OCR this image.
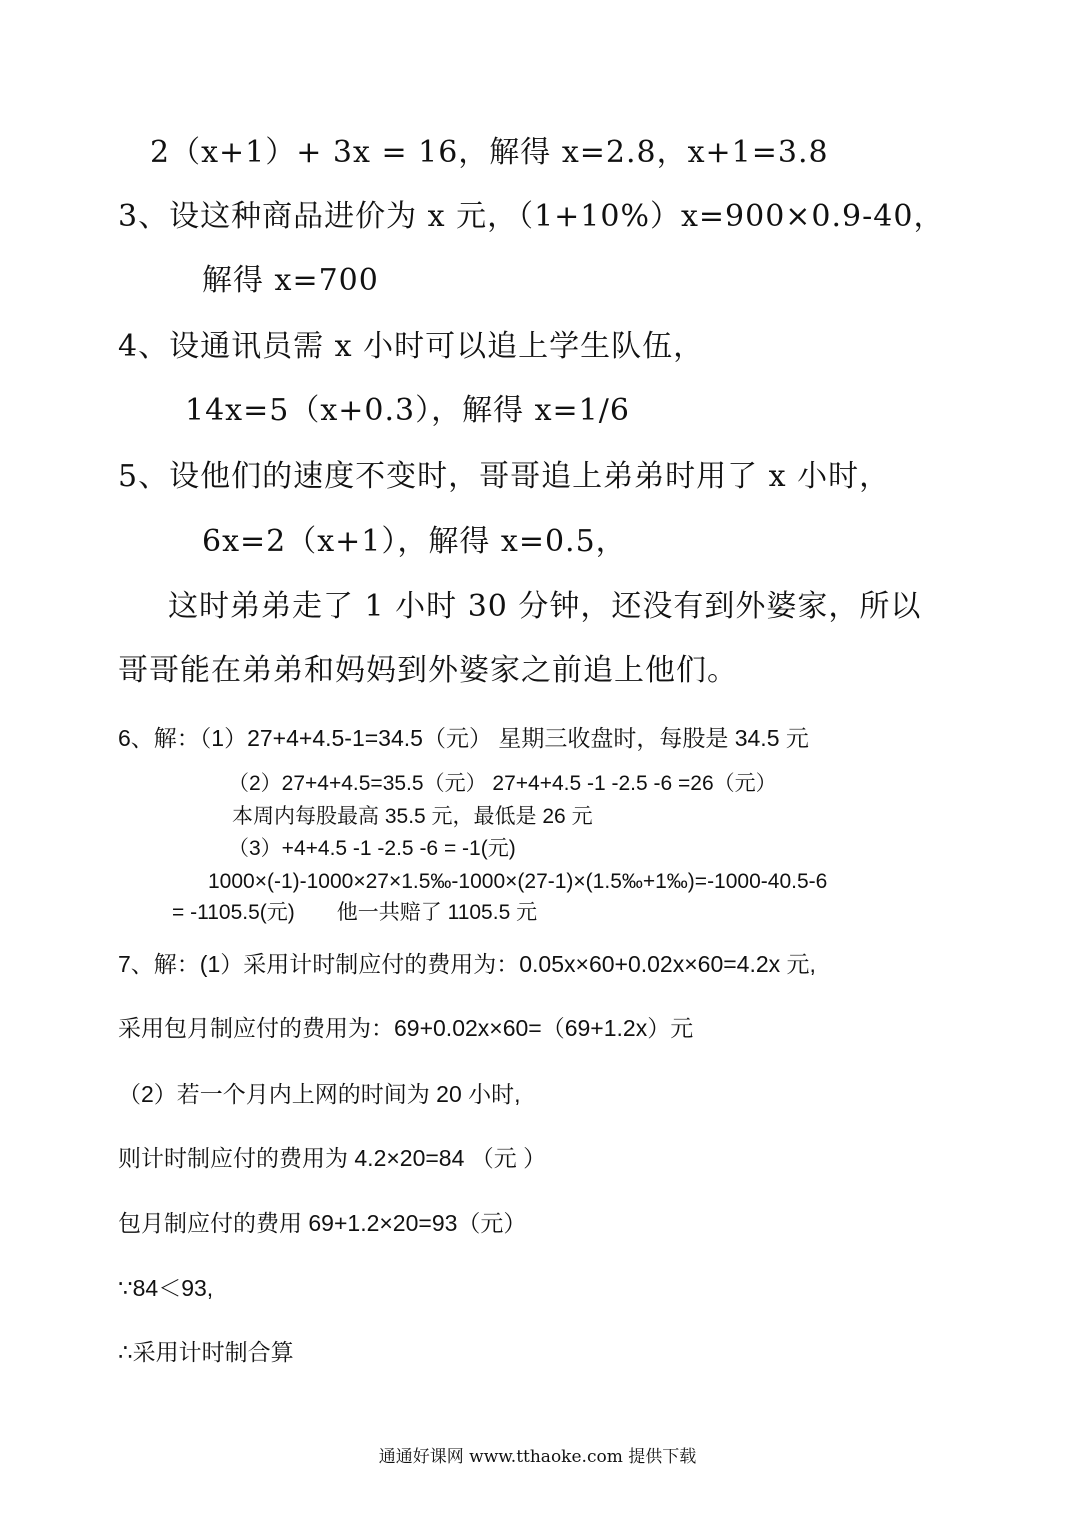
2（x+1）+ 3x = 16，解得 x=2.8，x+1=3.8

3、设这种商品进价为 x 元，（1+10%）x=900×0.9-40，

解得 x=700

4、设通讯员需 x 小时可以追上学生队伍，

14x=5（x+0.3），解得 x=1/6

5、设他们的速度不变时，哥哥追上弟弟时用了 x 小时，

6x=2（x+1），解得 x=0.5，

这时弟弟走了 1 小时 30 分钟，还没有到外婆家，所以

哥哥能在弟弟和妈妈到外婆家之前追上他们。

6、解：（1）27+4+4.5-1=34.5（元） 星期三收盘时，每股是 34.5 元

（2）27+4+4.5=35.5（元） 27+4+4.5 -1 -2.5 -6 =26（元）

本周内每股最高 35.5 元，最低是 26 元

（3）+4+4.5 -1 -2.5 -6 = -1(元)

1000×(-1)-1000×27×1.5‰-1000×(27-1)×(1.5‰+1‰)=-1000-40.5-6

= -1105.5(元)　　他一共赔了 1105.5 元

7、解：(1）采用计时制应付的费用为：0.05x×60+0.02x×60=4.2x 元,

采用包月制应付的费用为：69+0.02x×60=（69+1.2x）元

（2）若一个月内上网的时间为 20 小时,

则计时制应付的费用为 4.2×20=84 （元 ）

包月制应付的费用 69+1.2×20=93（元）

∵84＜93,

∴采用计时制合算

通通好课网 www.tthaoke.com 提供下载
